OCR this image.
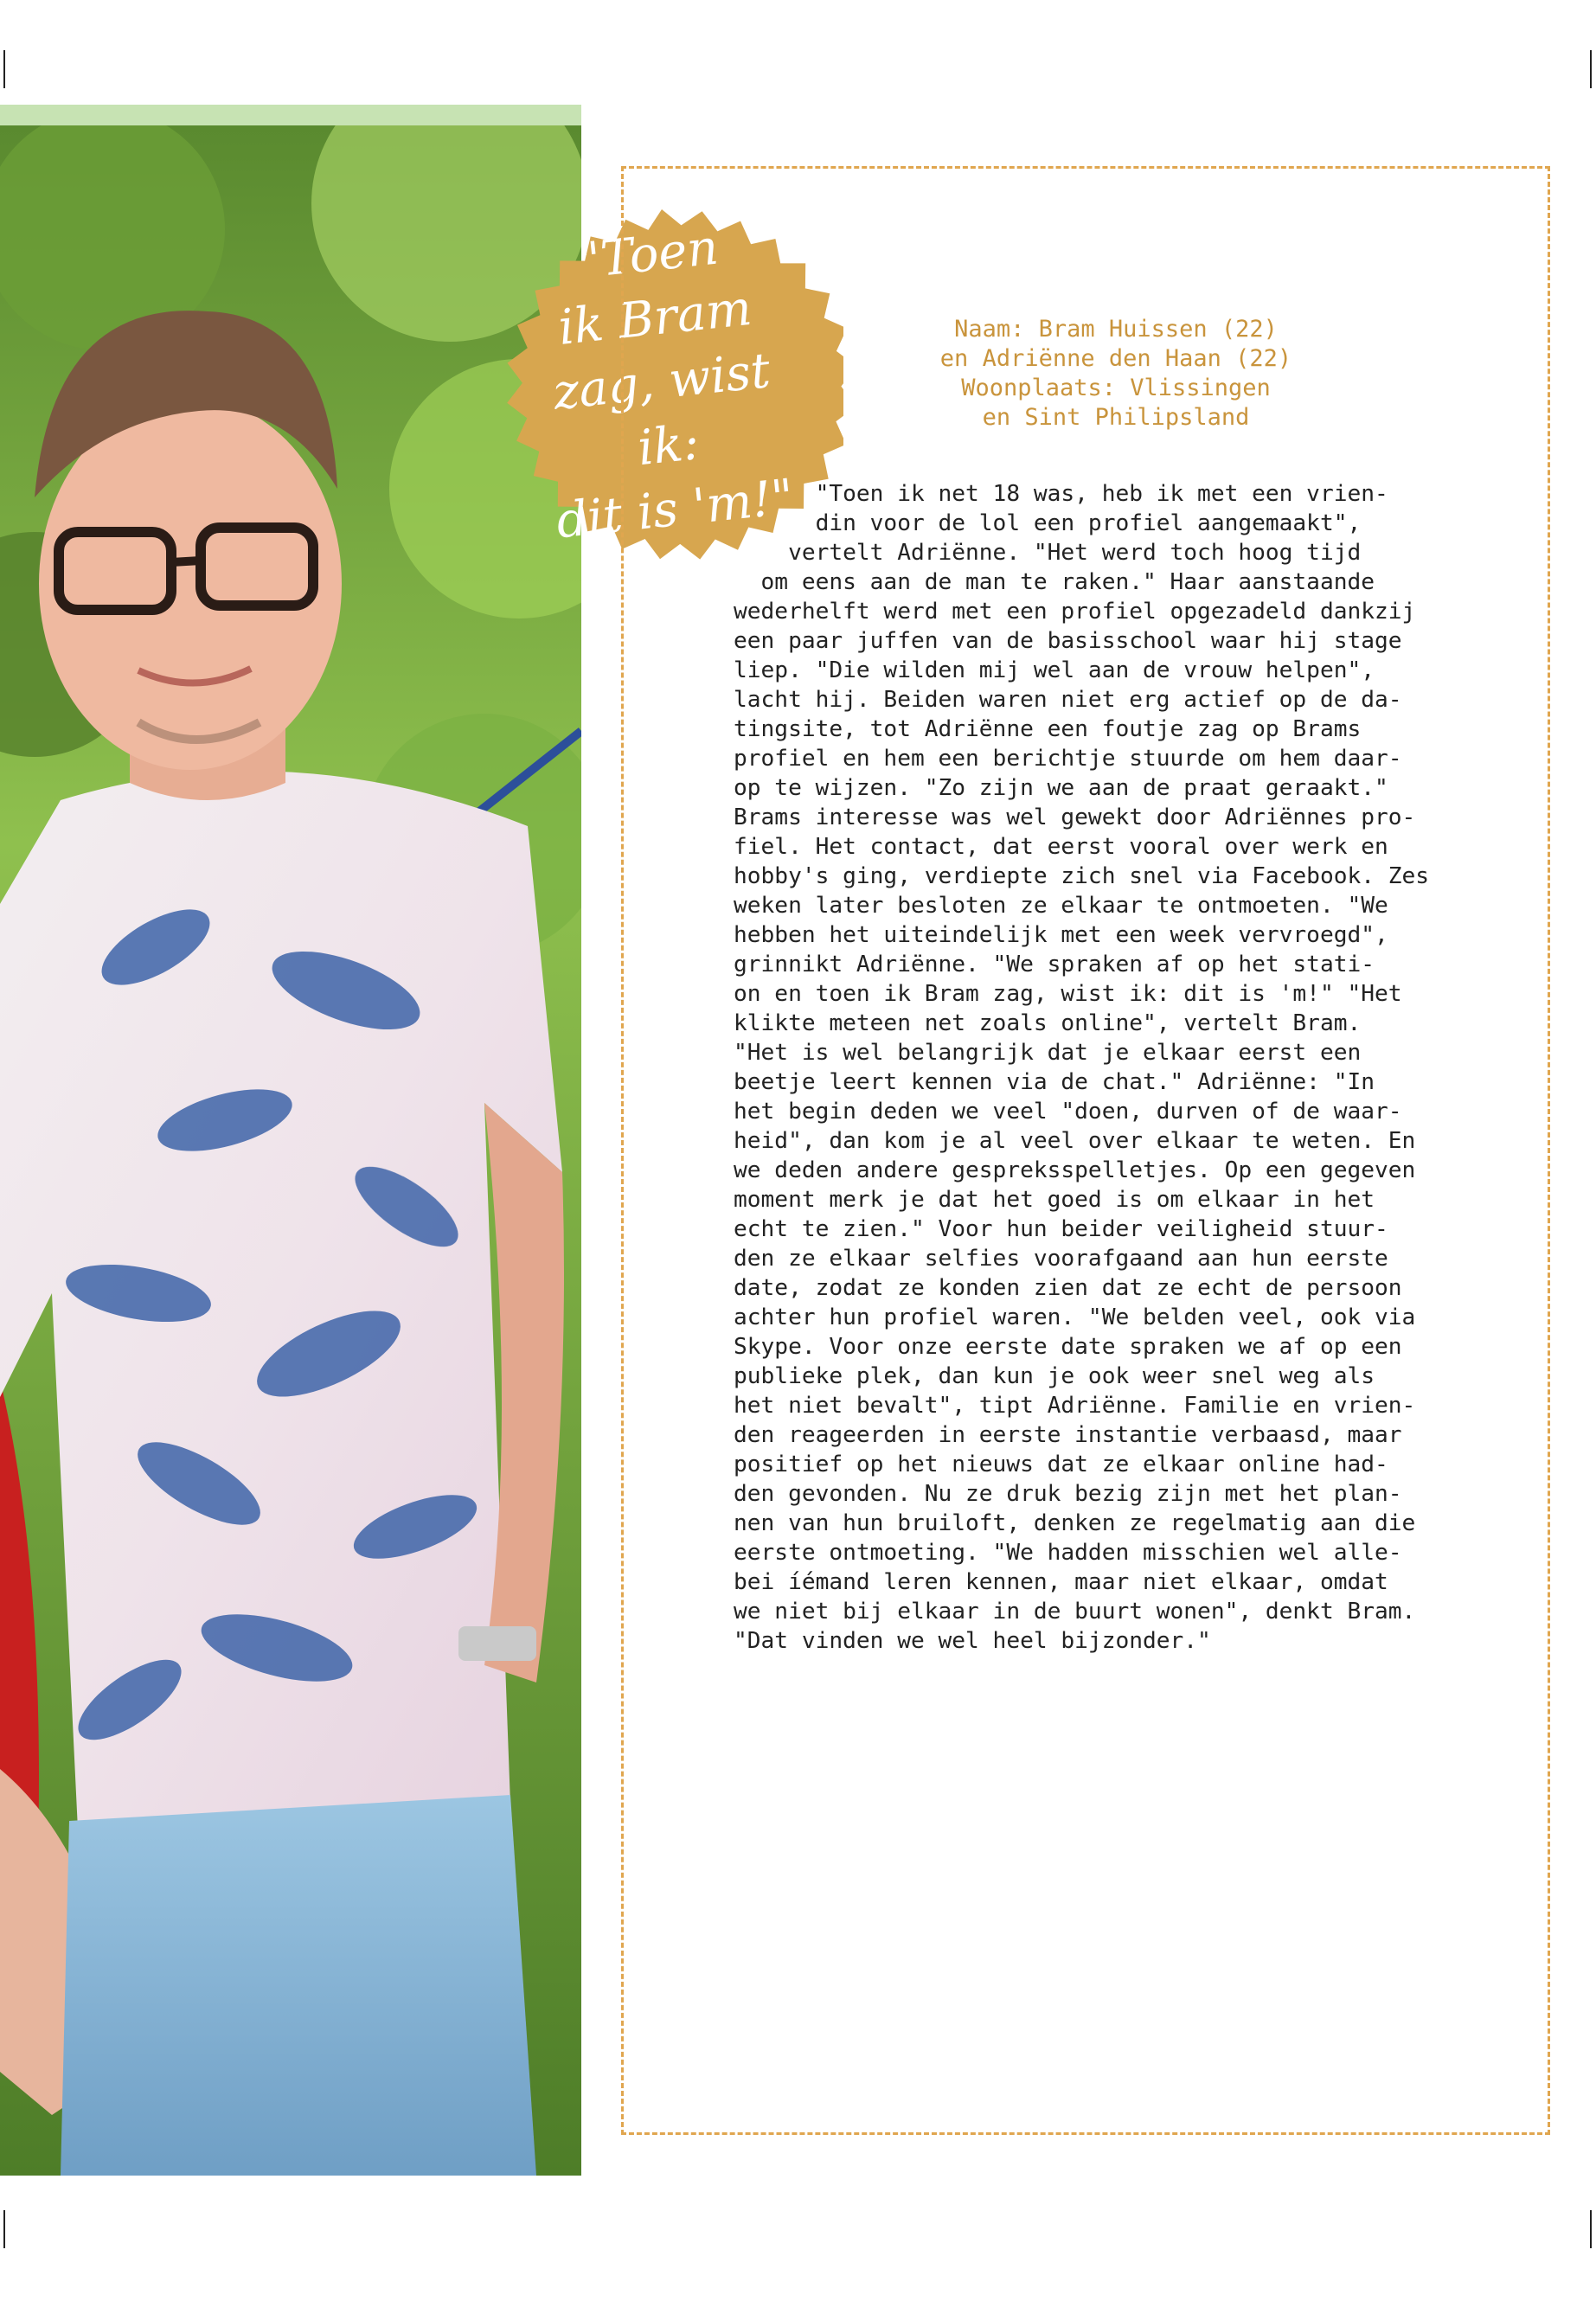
"Toen
ik Bram
zag, wist ik:
dit is 'm!"
Naam: Bram Huissen (22)
en Adriënne den Haan (22)
Woonplaats: Vlissingen
en Sint Philipsland
"Toen ik net 18 was, heb ik met een vrien-
din voor de lol een profiel aangemaakt",
vertelt Adriënne. "Het werd toch hoog tijd
om eens aan de man te raken." Haar aanstaande
wederhelft werd met een profiel opgezadeld dankzij
een paar juffen van de basisschool waar hij stage
liep. "Die wilden mij wel aan de vrouw helpen",
lacht hij. Beiden waren niet erg actief op de da-
tingsite, tot Adriënne een foutje zag op Brams
profiel en hem een berichtje stuurde om hem daar-
op te wijzen. "Zo zijn we aan de praat geraakt."
Brams interesse was wel gewekt door Adriënnes pro-
fiel. Het contact, dat eerst vooral over werk en
hobby's ging, verdiepte zich snel via Facebook. Zes
weken later besloten ze elkaar te ontmoeten. "We
hebben het uiteindelijk met een week vervroegd",
grinnikt Adriënne. "We spraken af op het stati-
on en toen ik Bram zag, wist ik: dit is 'm!" "Het
klikte meteen net zoals online", vertelt Bram.
"Het is wel belangrijk dat je elkaar eerst een
beetje leert kennen via de chat." Adriënne: "In
het begin deden we veel "doen, durven of de waar-
heid", dan kom je al veel over elkaar te weten. En
we deden andere gespreksspelletjes. Op een gegeven
moment merk je dat het goed is om elkaar in het
echt te zien." Voor hun beider veiligheid stuur-
den ze elkaar selfies voorafgaand aan hun eerste
date, zodat ze konden zien dat ze echt de persoon
achter hun profiel waren. "We belden veel, ook via
Skype. Voor onze eerste date spraken we af op een
publieke plek, dan kun je ook weer snel weg als
het niet bevalt", tipt Adriënne. Familie en vrien-
den reageerden in eerste instantie verbaasd, maar
positief op het nieuws dat ze elkaar online had-
den gevonden. Nu ze druk bezig zijn met het plan-
nen van hun bruiloft, denken ze regelmatig aan die
eerste ontmoeting. "We hadden misschien wel alle-
bei íémand leren kennen, maar niet elkaar, omdat
we niet bij elkaar in de buurt wonen", denkt Bram.
"Dat vinden we wel heel bijzonder."
